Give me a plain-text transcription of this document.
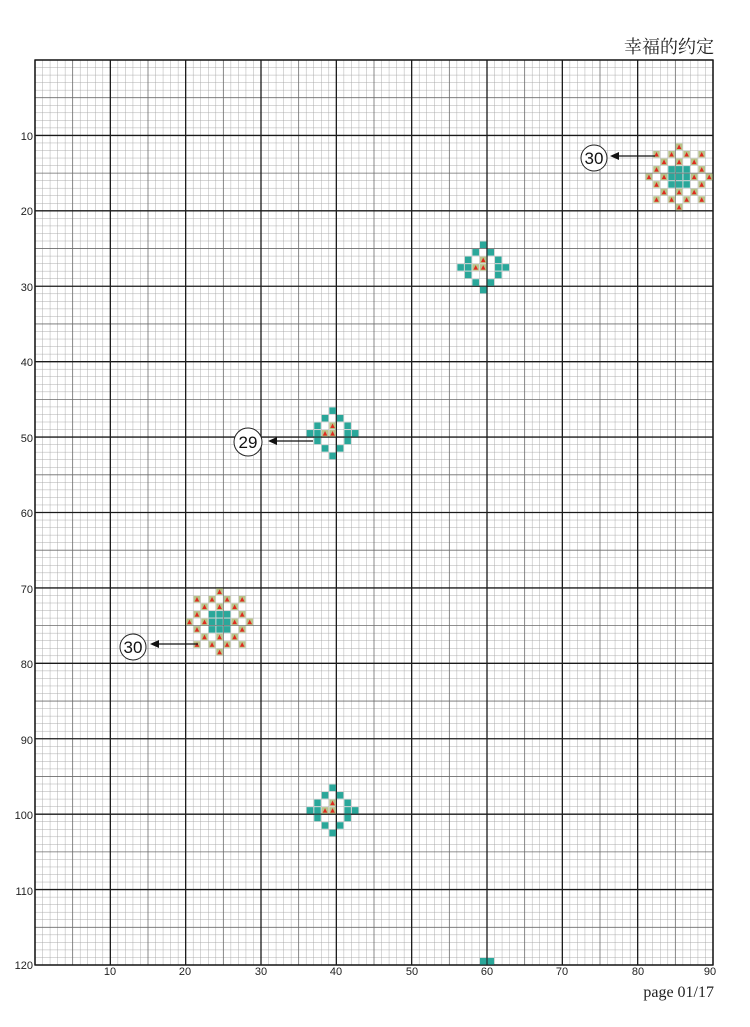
幸福的约定
10	20	30	40	50	60	70	80	90
10
20
30
40
50
60
70
80
90
100
110
120
30
29
30
page 01/17
